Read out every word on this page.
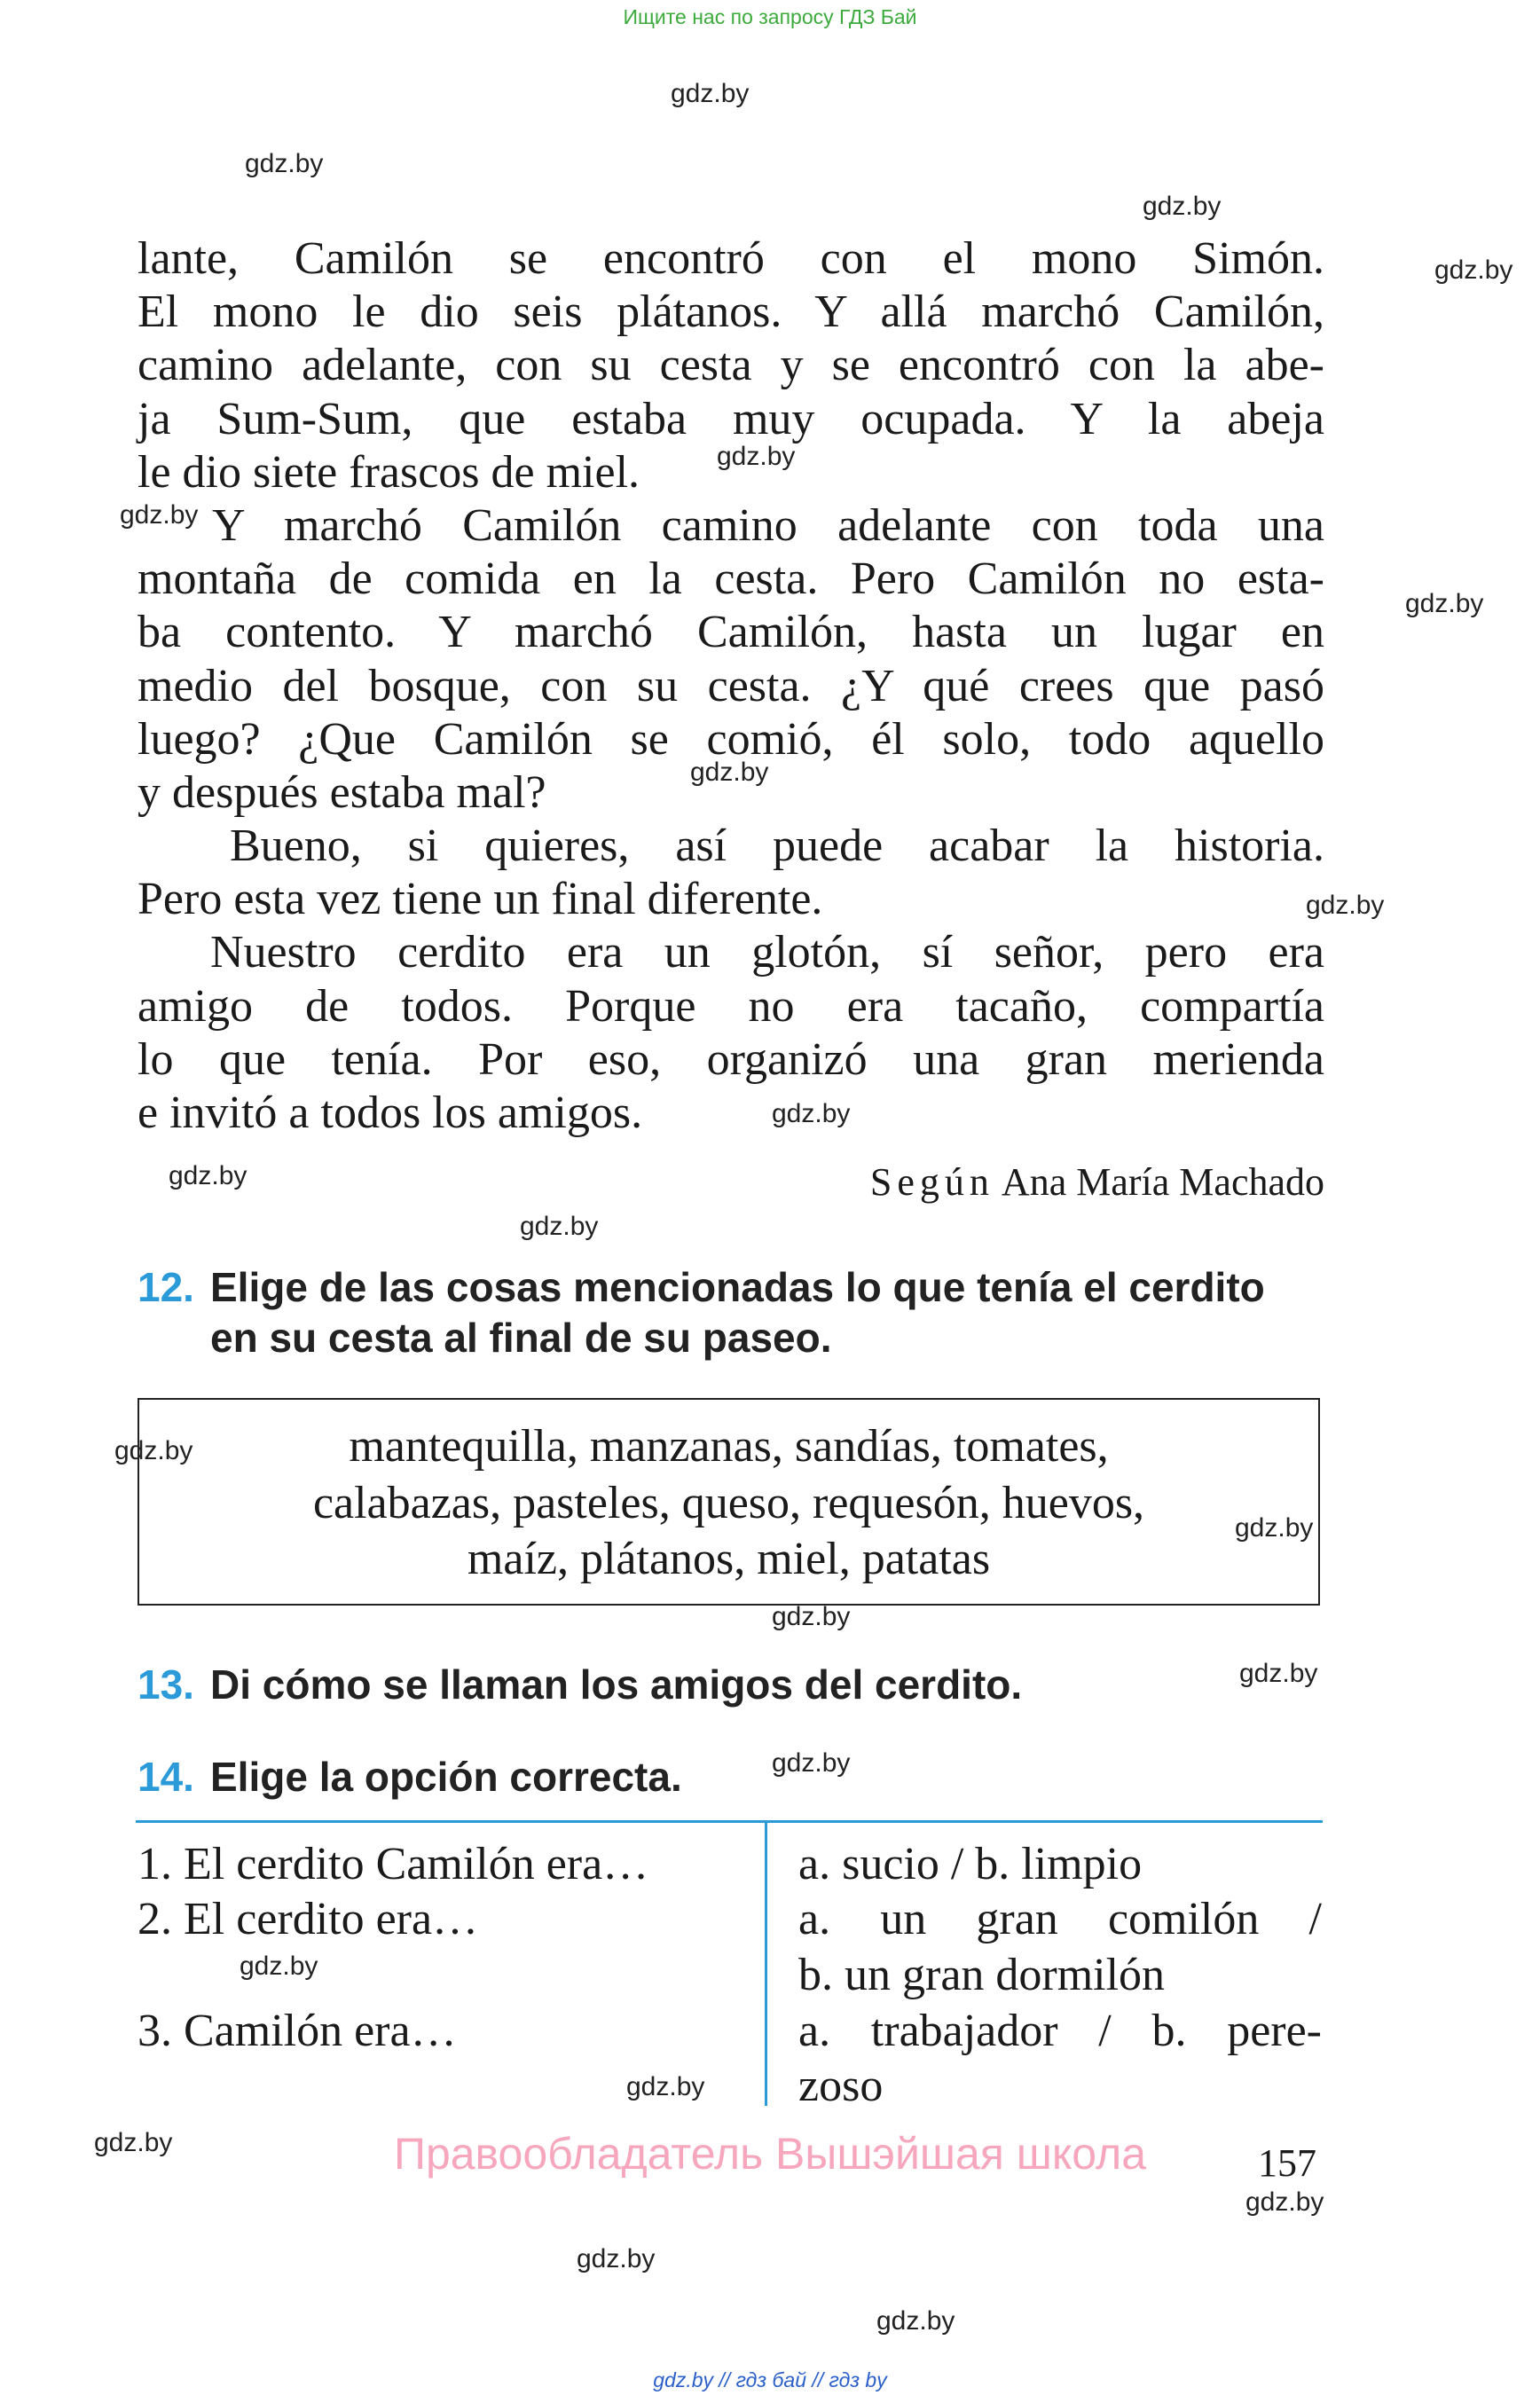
Ищите нас по запросу ГДЗ Бай
gdz.by
gdz.by
gdz.by
gdz.by
gdz.by
gdz.by
gdz.by
gdz.by
gdz.by
gdz.by
gdz.by
gdz.by
gdz.by
gdz.by
gdz.by
gdz.by
gdz.by
gdz.by
gdz.by
gdz.by
gdz.by
gdz.by
gdz.by
lante, Camilón se encontró con el mono Simón.
El mono le dio seis plátanos. Y allá marchó Camilón,
camino adelante, con su cesta y se encontró con la abe-
ja Sum-Sum, que estaba muy ocupada. Y la abeja
le dio siete frascos de miel.
Y marchó Camilón camino adelante con toda una
montaña de comida en la cesta. Pero Camilón no esta-
ba contento. Y marchó Camilón, hasta un lugar en
medio del bosque, con su cesta. ¿Y qué crees que pasó
luego? ¿Que Camilón se comió, él solo, todo aquello
y después estaba mal?
Bueno, si quieres, así puede acabar la historia.
Pero esta vez tiene un final diferente.
Nuestro cerdito era un glotón, sí señor, pero era
amigo de todos. Porque no era tacaño, compartía
lo que tenía. Por eso, organizó una gran merienda
e invitó a todos los amigos.
Según Ana María Machado
12. Elige de las cosas mencionadas lo que tenía el cerdito
en su cesta al final de su paseo.
mantequilla, manzanas, sandías, tomates,
calabazas, pasteles, queso, requesón, huevos,
maíz, plátanos, miel, patatas
13. Di cómo se llaman los amigos del cerdito.
14. Elige la opción correcta.
1. El cerdito Camilón era…
2. El cerdito era…
3. Camilón era…
a. sucio / b. limpio
a. un gran comilón /
b. un gran dormilón
a. trabajador / b. pere-
zoso
Правообладатель Вышэйшая школа	157
gdz.by // гдз бай // гдз by
